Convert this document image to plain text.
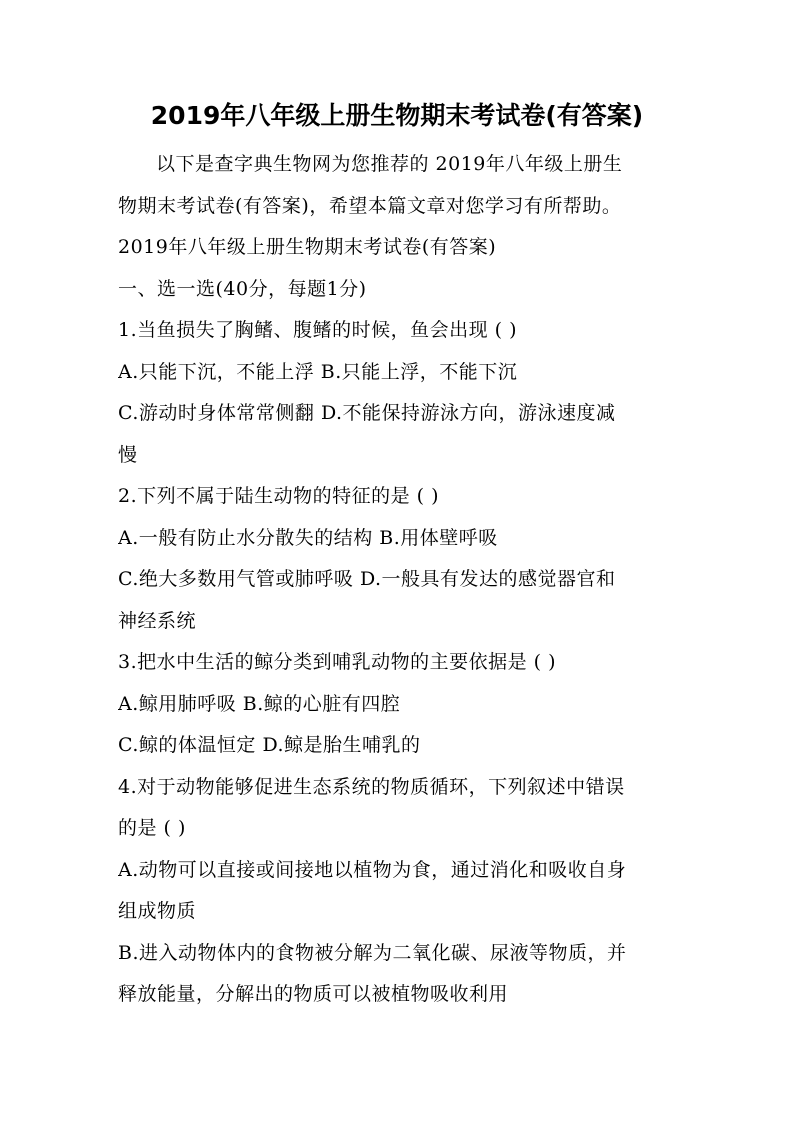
2019年八年级上册生物期末考试卷(有答案)
以下是查字典生物网为您推荐的 2019年八年级上册生
物期末考试卷(有答案)，希望本篇文章对您学习有所帮助。
2019年八年级上册生物期末考试卷(有答案)
一、选一选(40分，每题1分)
1.当鱼损失了胸鳍、腹鳍的时候，鱼会出现 ( )
A.只能下沉，不能上浮 B.只能上浮，不能下沉
C.游动时身体常常侧翻 D.不能保持游泳方向，游泳速度减
慢
2.下列不属于陆生动物的特征的是 ( )
A.一般有防止水分散失的结构 B.用体壁呼吸
C.绝大多数用气管或肺呼吸 D.一般具有发达的感觉器官和
神经系统
3.把水中生活的鲸分类到哺乳动物的主要依据是 ( )
A.鲸用肺呼吸 B.鲸的心脏有四腔
C.鲸的体温恒定 D.鲸是胎生哺乳的
4.对于动物能够促进生态系统的物质循环，下列叙述中错误
的是 ( )
A.动物可以直接或间接地以植物为食，通过消化和吸收自身
组成物质
B.进入动物体内的食物被分解为二氧化碳、尿液等物质，并
释放能量，分解出的物质可以被植物吸收利用
